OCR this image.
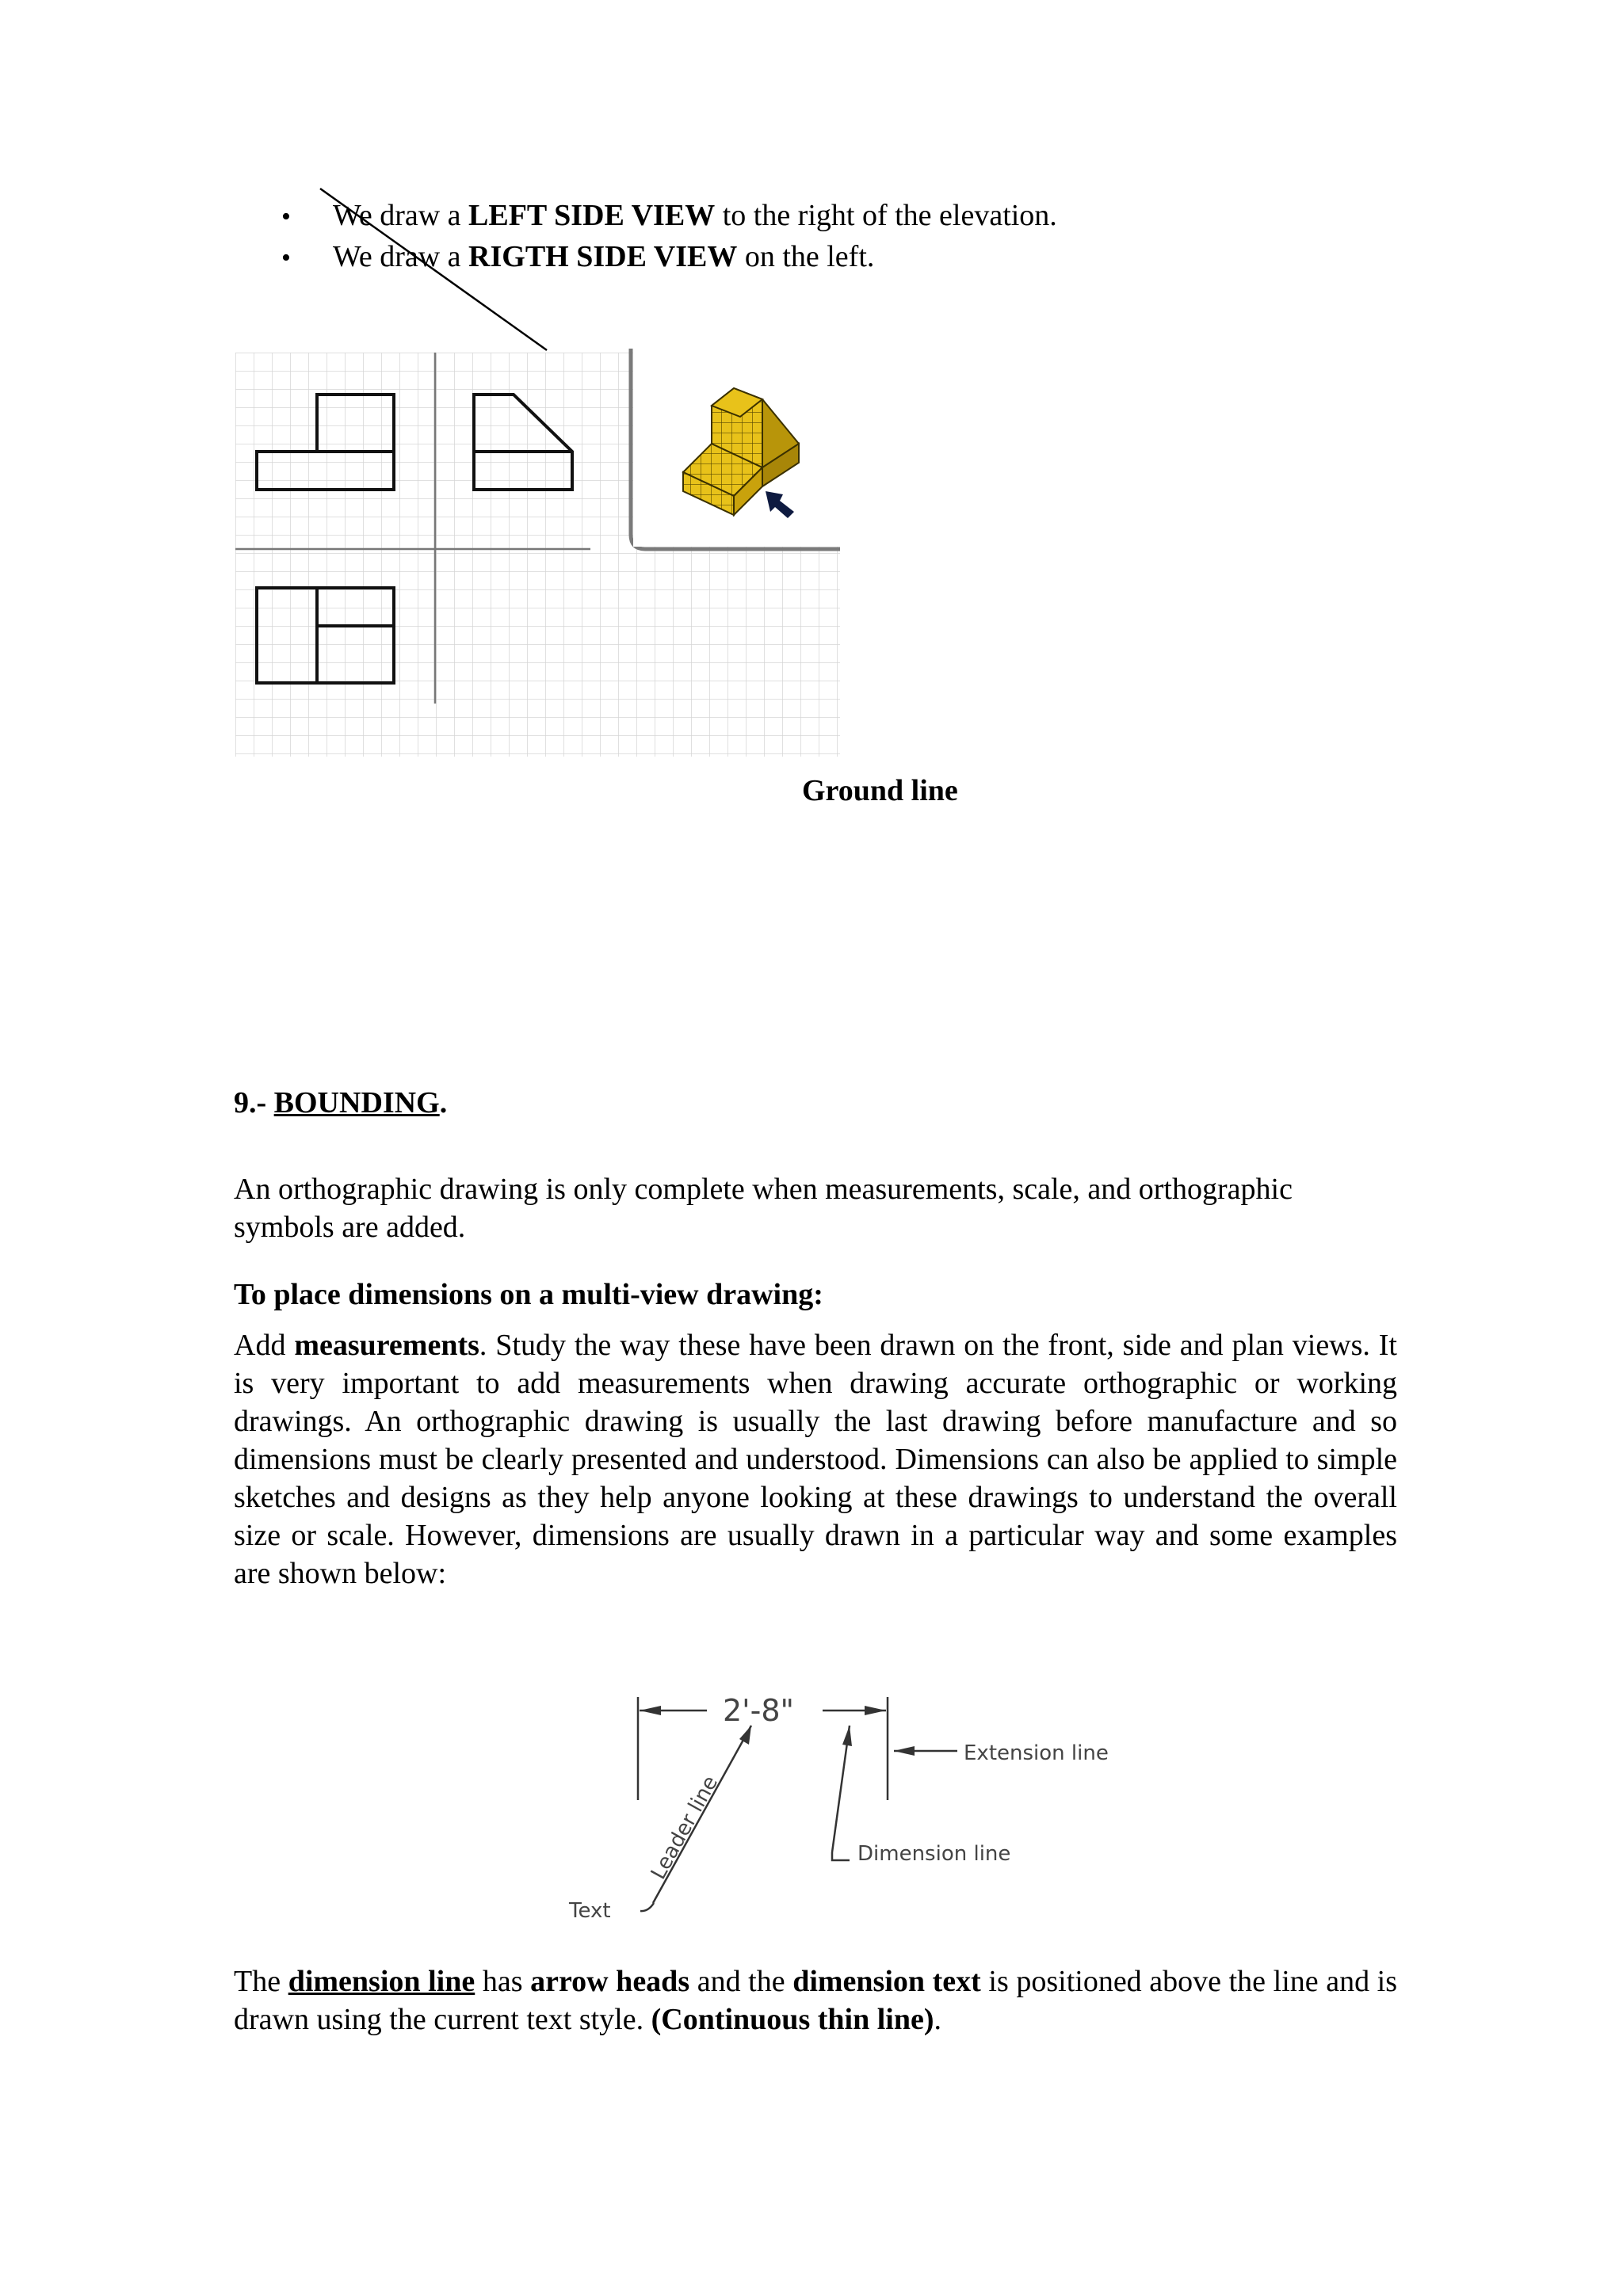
•	We draw a LEFT SIDE VIEW to the right of the elevation.
•	We draw a RIGTH SIDE VIEW on the left.
Ground line
9.- BOUNDING.
An orthographic drawing is only complete when measurements, scale, and orthographic symbols are added.
To place dimensions on a multi-view drawing:
Add measurements. Study the way these have been drawn on the front, side and plan views. It is very important to add measurements when drawing accurate orthographic or working drawings. An orthographic drawing is usually the last drawing before manufacture and so dimensions must be clearly presented and understood. Dimensions can also be applied to simple sketches and designs as they help anyone looking at these drawings to understand the overall size or scale. However, dimensions are usually drawn in a particular way and some examples are shown below:
2'-8"
Extension line
Dimension line
Text
Leader line
The dimension line has arrow heads and the dimension text is positioned above the line and is drawn using the current text style. (Continuous thin line).
